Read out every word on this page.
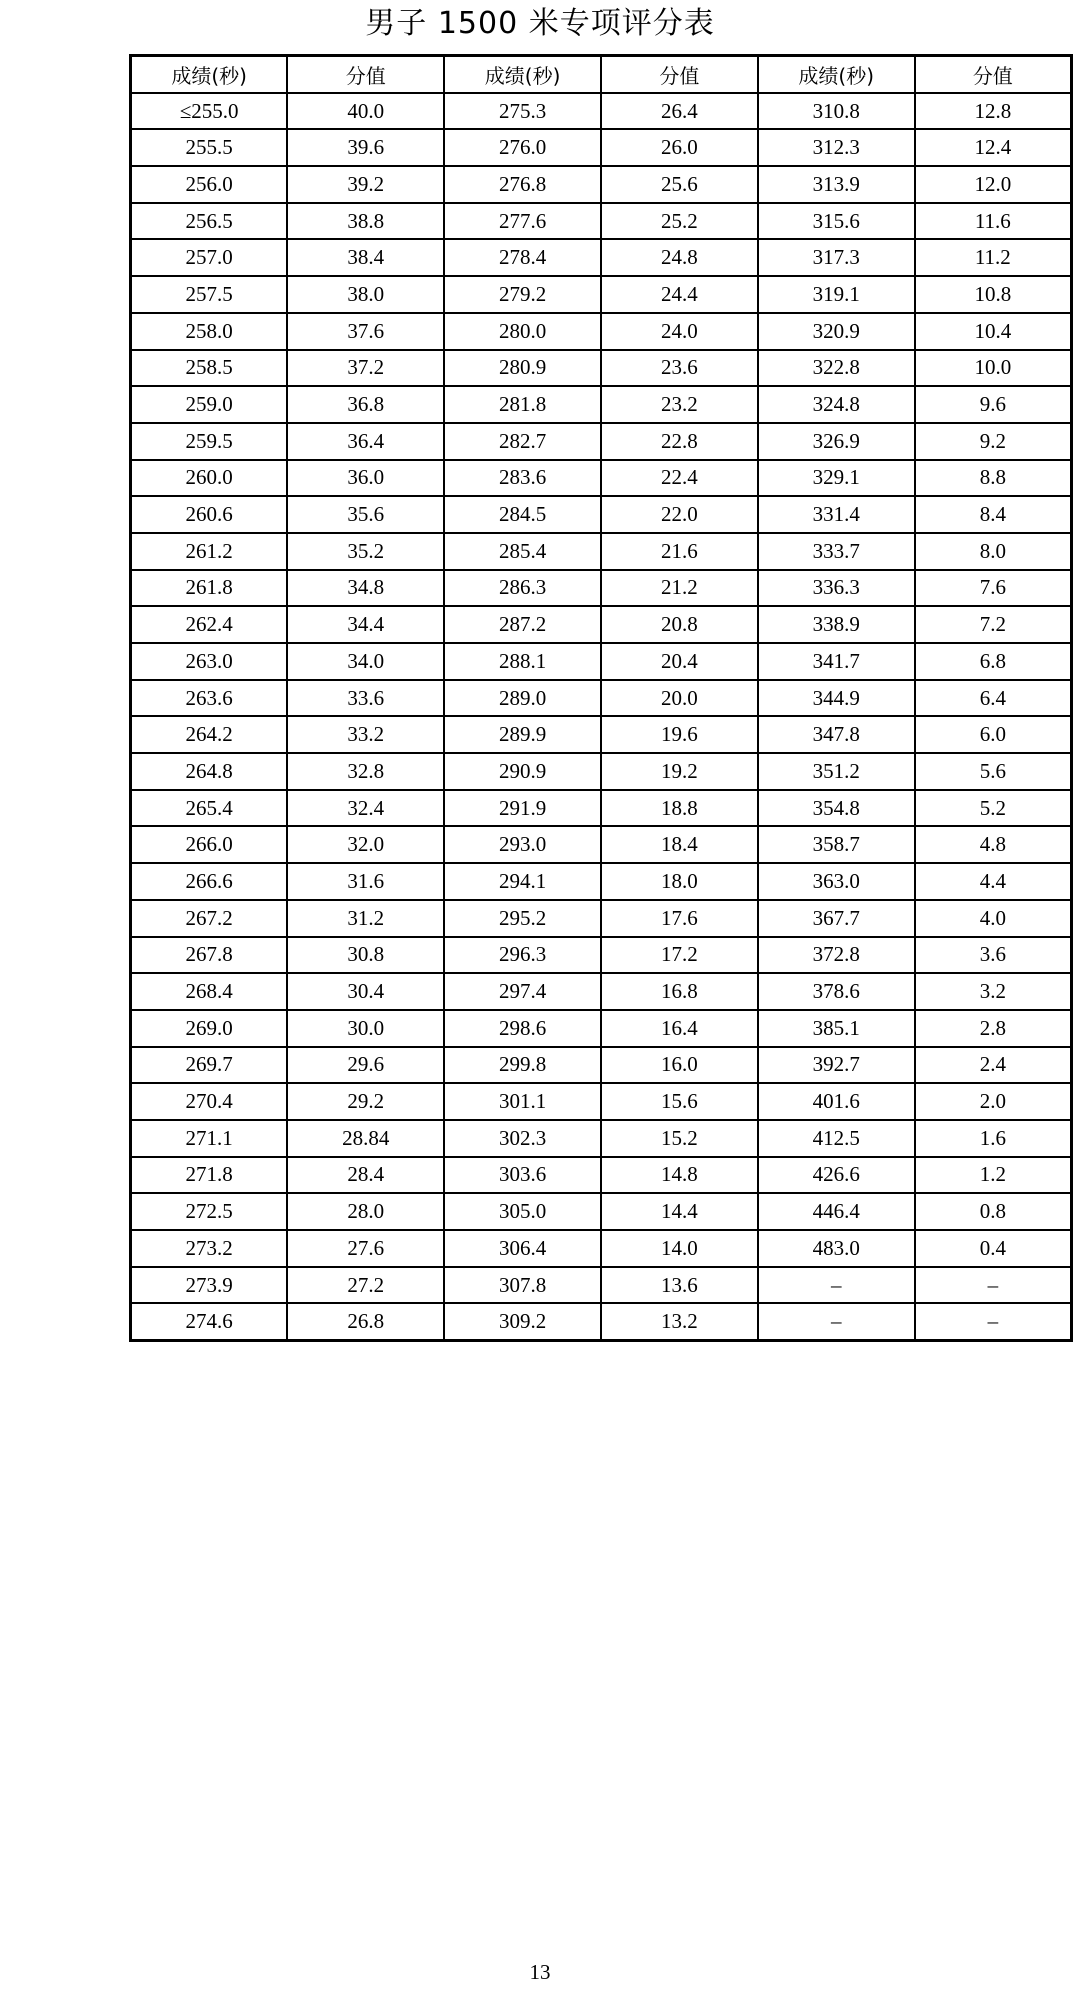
男子 1500 米专项评分表
成绩(秒)	分值	成绩(秒)	分值	成绩(秒)	分值
≤255.0	40.0	275.3	26.4	310.8	12.8
255.5	39.6	276.0	26.0	312.3	12.4
256.0	39.2	276.8	25.6	313.9	12.0
256.5	38.8	277.6	25.2	315.6	11.6
257.0	38.4	278.4	24.8	317.3	11.2
257.5	38.0	279.2	24.4	319.1	10.8
258.0	37.6	280.0	24.0	320.9	10.4
258.5	37.2	280.9	23.6	322.8	10.0
259.0	36.8	281.8	23.2	324.8	9.6
259.5	36.4	282.7	22.8	326.9	9.2
260.0	36.0	283.6	22.4	329.1	8.8
260.6	35.6	284.5	22.0	331.4	8.4
261.2	35.2	285.4	21.6	333.7	8.0
261.8	34.8	286.3	21.2	336.3	7.6
262.4	34.4	287.2	20.8	338.9	7.2
263.0	34.0	288.1	20.4	341.7	6.8
263.6	33.6	289.0	20.0	344.9	6.4
264.2	33.2	289.9	19.6	347.8	6.0
264.8	32.8	290.9	19.2	351.2	5.6
265.4	32.4	291.9	18.8	354.8	5.2
266.0	32.0	293.0	18.4	358.7	4.8
266.6	31.6	294.1	18.0	363.0	4.4
267.2	31.2	295.2	17.6	367.7	4.0
267.8	30.8	296.3	17.2	372.8	3.6
268.4	30.4	297.4	16.8	378.6	3.2
269.0	30.0	298.6	16.4	385.1	2.8
269.7	29.6	299.8	16.0	392.7	2.4
270.4	29.2	301.1	15.6	401.6	2.0
271.1	28.84	302.3	15.2	412.5	1.6
271.8	28.4	303.6	14.8	426.6	1.2
272.5	28.0	305.0	14.4	446.4	0.8
273.2	27.6	306.4	14.0	483.0	0.4
273.9	27.2	307.8	13.6	–	–
274.6	26.8	309.2	13.2	–	–
13
